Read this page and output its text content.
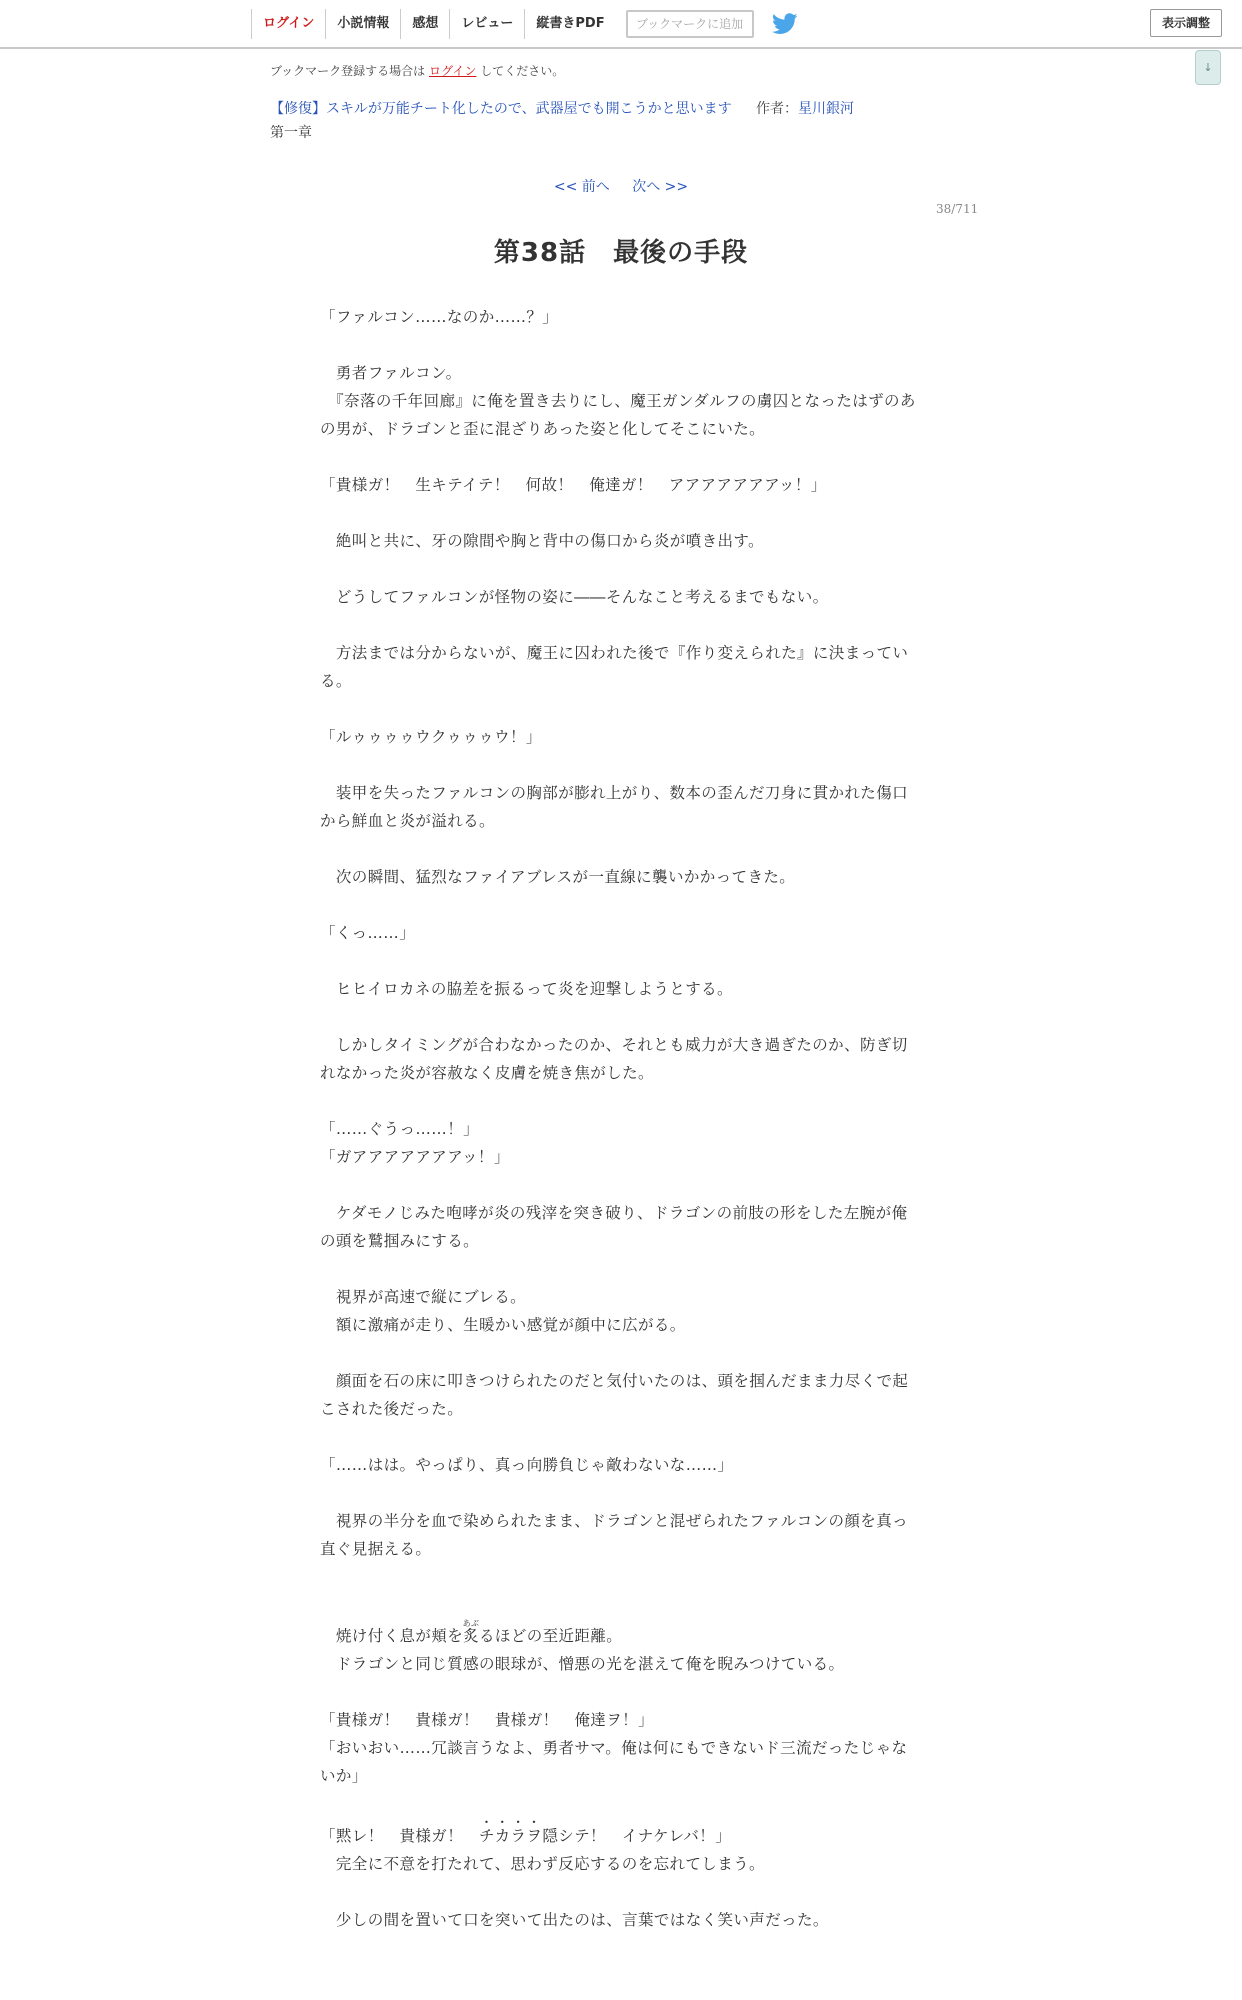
ログイン	小説情報	感想	レビュー	縦書きPDF	ブックマークに追加	表示調整
↓
ブックマーク登録する場合は ログイン してください。
【修復】スキルが万能チート化したので、武器屋でも開こうかと思います 作者：星川銀河
第一章
<< 前へ 次へ >>
38/711
第38話　最後の手段

「ファルコン……なのか……？」

　勇者ファルコン。

　『奈落の千年回廊』に俺を置き去りにし、魔王ガンダルフの虜囚となったはずのあの男が、ドラゴンと歪に混ざりあった姿と化してそこにいた。

「貴様ガ！　生キテイテ！　何故！　俺達ガ！　アアアアアアアッ！」

　絶叫と共に、牙の隙間や胸と背中の傷口から炎が噴き出す。

　どうしてファルコンが怪物の姿に――そんなこと考えるまでもない。

　方法までは分からないが、魔王に囚われた後で『作り変えられた』に決まっている。

「ルゥゥゥゥウクゥゥゥウ！」

　装甲を失ったファルコンの胸部が膨れ上がり、数本の歪んだ刀身に貫かれた傷口から鮮血と炎が溢れる。

　次の瞬間、猛烈なファイアブレスが一直線に襲いかかってきた。

「くっ……」

　ヒヒイロカネの脇差を振るって炎を迎撃しようとする。

　しかしタイミングが合わなかったのか、それとも威力が大き過ぎたのか、防ぎ切れなかった炎が容赦なく皮膚を焼き焦がした。

「……ぐうっ……！」

「ガアアアアアアアッ！」

　ケダモノじみた咆哮が炎の残滓を突き破り、ドラゴンの前肢の形をした左腕が俺の頭を鷲掴みにする。

　視界が高速で縦にブレる。

　額に激痛が走り、生暖かい感覚が顔中に広がる。

　顔面を石の床に叩きつけられたのだと気付いたのは、頭を掴んだまま力尽くで起こされた後だった。

「……はは。やっぱり、真っ向勝負じゃ敵わないな……」

　視界の半分を血で染められたまま、ドラゴンと混ぜられたファルコンの顔を真っ直ぐ見据える。

　焼け付く息が頬を炙あぶるほどの至近距離。

　ドラゴンと同じ質感の眼球が、憎悪の光を湛えて俺を睨みつけている。

「貴様ガ！　貴様ガ！　貴様ガ！　俺達ヲ！」

「おいおい……冗談言うなよ、勇者サマ。俺は何にもできないド三流だったじゃないか」

「黙レ！　貴様ガ！　チカラヲ隠シテ！　イナケレバ！」

　完全に不意を打たれて、思わず反応するのを忘れてしまう。

　少しの間を置いて口を突いて出たのは、言葉ではなく笑い声だった。
